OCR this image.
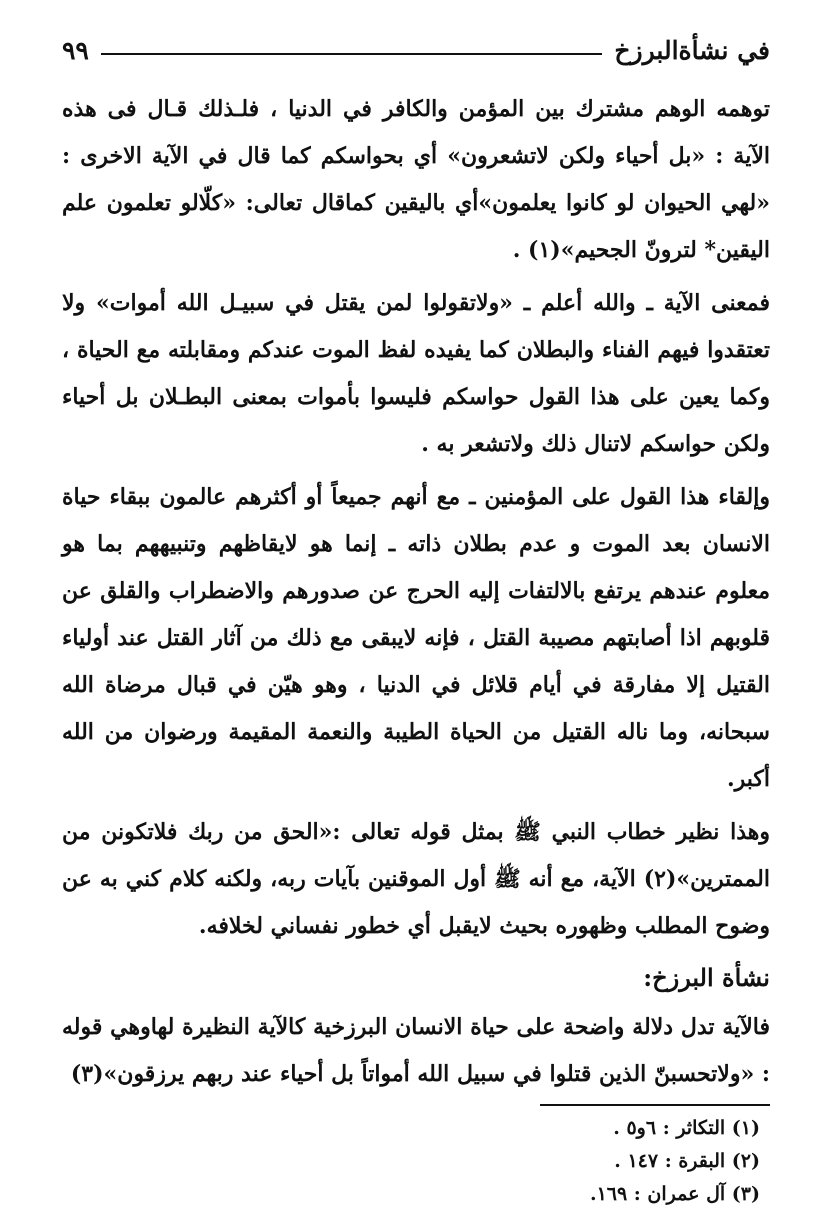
في نشأةالبرزخ
٩٩

توهمه الوهم مشترك بين المؤمن والكافر في الدنيا ، فلـذلك قـال فى هذه الآية : «بل أحياء ولكن لاتشعرون» أي بحواسكم كما قال في الآية الاخرى : «لهي الحيوان لو كانوا يعلمون»أي باليقين كماقال تعالى: «كلّالو تعلمون علم اليقين* لترونّ الجحيم»(١) .

فمعنى الآية ـ والله أعلم ـ «ولاتقولوا لمن يقتل في سبيـل الله أموات» ولا تعتقدوا فيهم الفناء والبطلان كما يفيده لفظ الموت عندكم ومقابلته مع الحياة ، وكما يعين على هذا القول حواسكم فليسوا بأموات بمعنى البطـلان بل أحياء ولكن حواسكم لاتنال ذلك ولاتشعر به .

وإلقاء هذا القول على المؤمنين ـ مع أنهم جميعاً أو أكثرهم عالمون ببقاء حياة الانسان بعد الموت و عدم بطلان ذاته ـ إنما هو لايقاظهم وتنبيههم بما هو معلوم عندهم يرتفع بالالتفات إليه الحرج عن صدورهم والاضطراب والقلق عن قلوبهم اذا أصابتهم مصيبة القتل ، فإنه لايبقى مع ذلك من آثار القتل عند أولياء القتيل إلا مفارقة في أيام قلائل في الدنيا ، وهو هيّن في قبال مرضاة الله سبحانه، وما ناله القتيل من الحياة الطيبة والنعمة المقيمة ورضوان من الله أكبر.

وهذا نظير خطاب النبي ﷺ بمثل قوله تعالى :«الحق من ربك فلاتكونن من الممترين»(٢) الآية، مع أنه ﷺ أول الموقنين بآيات ربه، ولكنه كلام كني به عن وضوح المطلب وظهوره بحيث لايقبل أي خطور نفساني لخلافه.

نشأة البرزخ:

فالآية تدل دلالة واضحة على حياة الانسان البرزخية كالآية النظيرة لهاوهي قوله : «ولاتحسبنّ الذين قتلوا في سبيل الله أمواتاً بل أحياء عند ربهم يرزقون»(٣)

(١) التكاثر : ٦و٥ .
(٢) البقرة : ١٤٧ .
(٣) آل عمران : ١٦٩.
